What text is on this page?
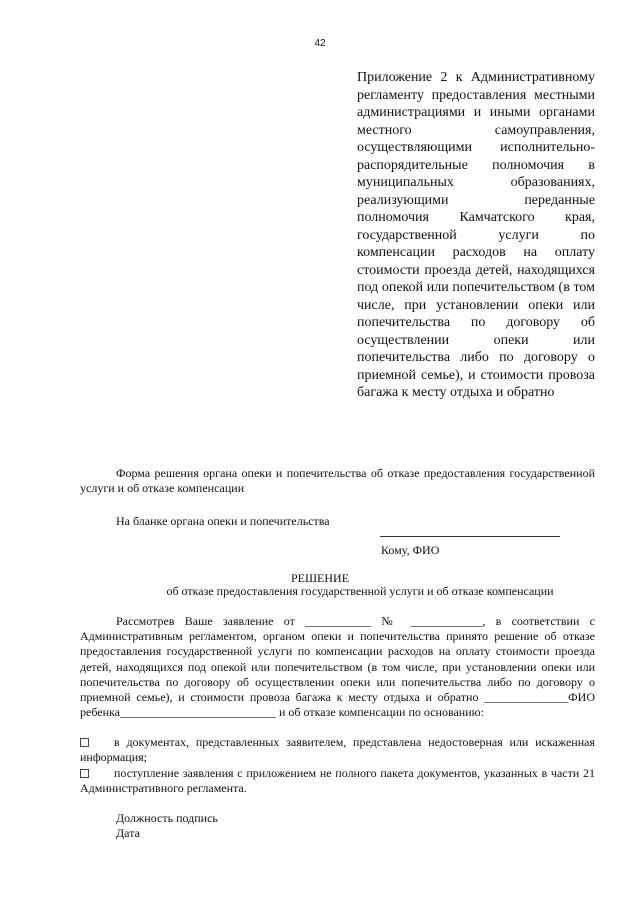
42
Приложение 2 к Административному регламенту предоставления местными администрациями и иными органами местного самоуправления, осуществляющими исполнительно-распорядительные полномочия в муниципальных образованиях, реализующими переданные полномочия Камчатского края, государственной услуги по компенсации расходов на оплату стоимости проезда детей, находящихся под опекой или попечительством (в том числе, при установлении опеки или попечительства по договору об осуществлении опеки или попечительства либо по договору о приемной семье), и стоимости провоза багажа к месту отдыха и обратно
Форма решения органа опеки и попечительства об отказе предоставления государственной услуги и об отказе компенсации
На бланке органа опеки и попечительства
Кому, ФИО
РЕШЕНИЕ
об отказе предоставления государственной услуги и об отказе компенсации
Рассмотрев Ваше заявление от ___________ № ____________, в соответствии с Административным регламентом, органом опеки и попечительства принято решение об отказе предоставления государственной услуги по компенсации расходов на оплату стоимости проезда детей, находящихся под опекой или попечительством (в том числе, при установлении опеки или попечительства по договору об осуществлении опеки или попечительства либо по договору о приемной семье), и стоимости провоза багажа к месту отдыха и обратно ______________ФИО ребенка__________________________ и об отказе компенсации по основанию:
в документах, представленных заявителем, представлена недостоверная или искаженная информация;
поступление заявления с приложением не полного пакета документов, указанных в части 21 Административного регламента.
Должность подпись
Дата
